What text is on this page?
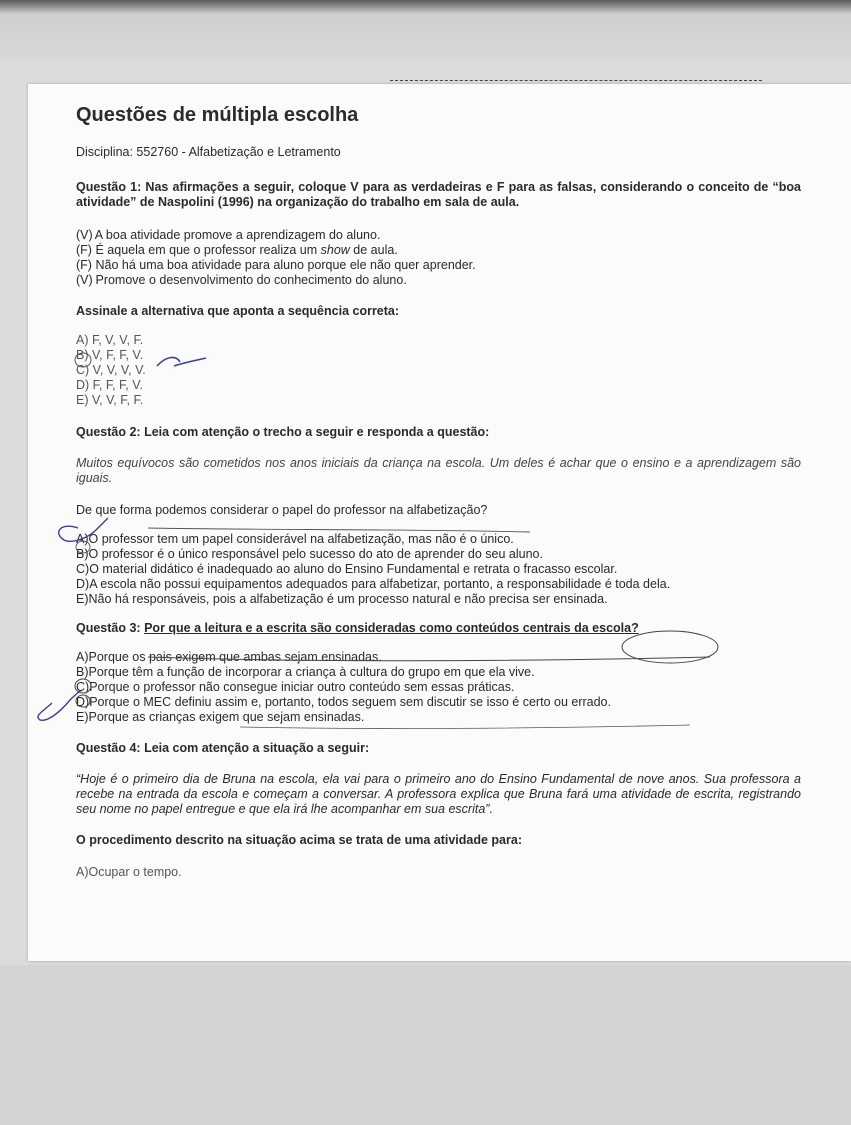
Questões de múltipla escolha

Disciplina: 552760 - Alfabetização e Letramento

Questão 1: Nas afirmações a seguir, coloque V para as verdadeiras e F para as falsas, considerando o conceito de “boa atividade” de Naspolini (1996) na organização do trabalho em sala de aula.

(V) A boa atividade promove a aprendizagem do aluno.

(F) É aquela em que o professor realiza um show de aula.

(F) Não há uma boa atividade para aluno porque ele não quer aprender.

(V) Promove o desenvolvimento do conhecimento do aluno.

Assinale a alternativa que aponta a sequência correta:

A) F, V, V, F.

B) V, F, F, V.

C) V, V, V, V.

D) F, F, F, V.

E) V, V, F, F.

Questão 2: Leia com atenção o trecho a seguir e responda a questão:

Muitos equívocos são cometidos nos anos iniciais da criança na escola. Um deles é achar que o ensino e a aprendizagem são iguais.

De que forma podemos considerar o papel do professor na alfabetização?

A)O professor tem um papel considerável na alfabetização, mas não é o único.

B)O professor é o único responsável pelo sucesso do ato de aprender do seu aluno.

C)O material didático é inadequado ao aluno do Ensino Fundamental e retrata o fracasso escolar.

D)A escola não possui equipamentos adequados para alfabetizar, portanto, a responsabilidade é toda dela.

E)Não há responsáveis, pois a alfabetização é um processo natural e não precisa ser ensinada.

Questão 3: Por que a leitura e a escrita são consideradas como conteúdos centrais da escola?

A)Porque os pais exigem que ambas sejam ensinadas.

B)Porque têm a função de incorporar a criança à cultura do grupo em que ela vive.

C)Porque o professor não consegue iniciar outro conteúdo sem essas práticas.

D)Porque o MEC definiu assim e, portanto, todos seguem sem discutir se isso é certo ou errado.

E)Porque as crianças exigem que sejam ensinadas.

Questão 4: Leia com atenção a situação a seguir:

“Hoje é o primeiro dia de Bruna na escola, ela vai para o primeiro ano do Ensino Fundamental de nove anos. Sua professora a recebe na entrada da escola e começam a conversar. A professora explica que Bruna fará uma atividade de escrita, registrando seu nome no papel entregue e que ela irá lhe acompanhar em sua escrita”.

O procedimento descrito na situação acima se trata de uma atividade para:

A)Ocupar o tempo.
